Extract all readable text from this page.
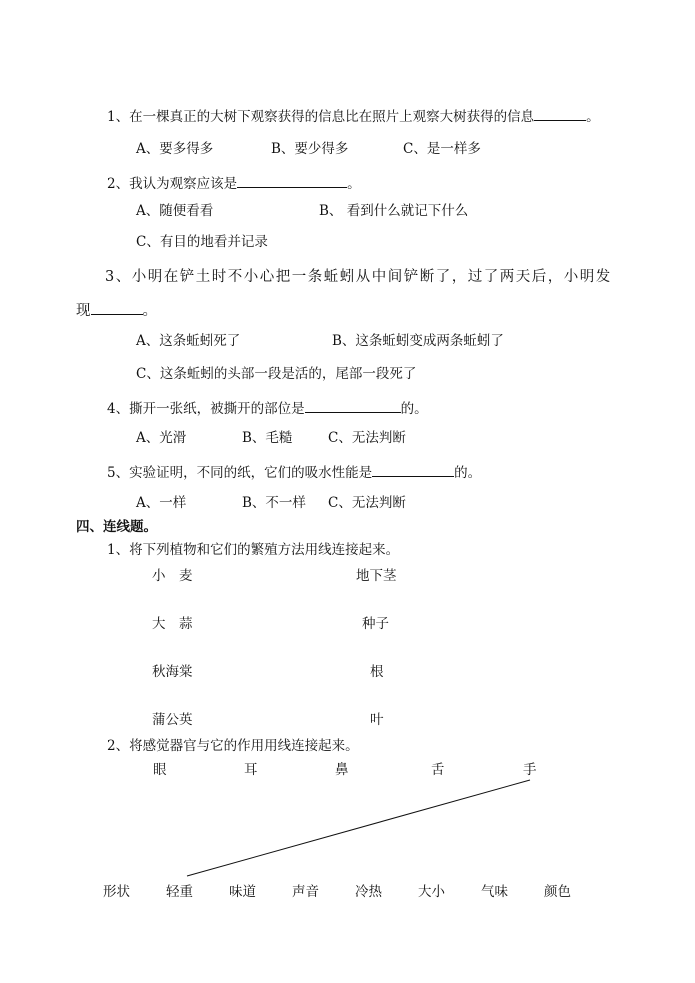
1、在一棵真正的大树下观察获得的信息比在照片上观察大树获得的信息	。
A、要多得多	B、要少得多	C、是一样多
2、我认为观察应该是	。
A、随便看看	B、 看到什么就记下什么
C、有目的地看并记录
3、小明在铲土时不小心把一条蚯蚓从中间铲断了，过了两天后，小明发
现	。
A、这条蚯蚓死了	B、这条蚯蚓变成两条蚯蚓了
C、这条蚯蚓的头部一段是活的，尾部一段死了
4、撕开一张纸，被撕开的部位是	的。
A、光滑	B、毛糙	C、无法判断
5、实验证明，不同的纸，它们的吸水性能是	的。
A、一样	B、不一样 C、无法判断
四、连线题。
1、将下列植物和它们的繁殖方法用线连接起来。
小　麦
大　蒜
秋海棠
蒲公英
地下茎
种子
根
叶
2、将感觉器官与它的作用用线连接起来。
眼	耳	鼻	舌	手
形状	轻重	味道	声音	冷热	大小	气味	颜色
